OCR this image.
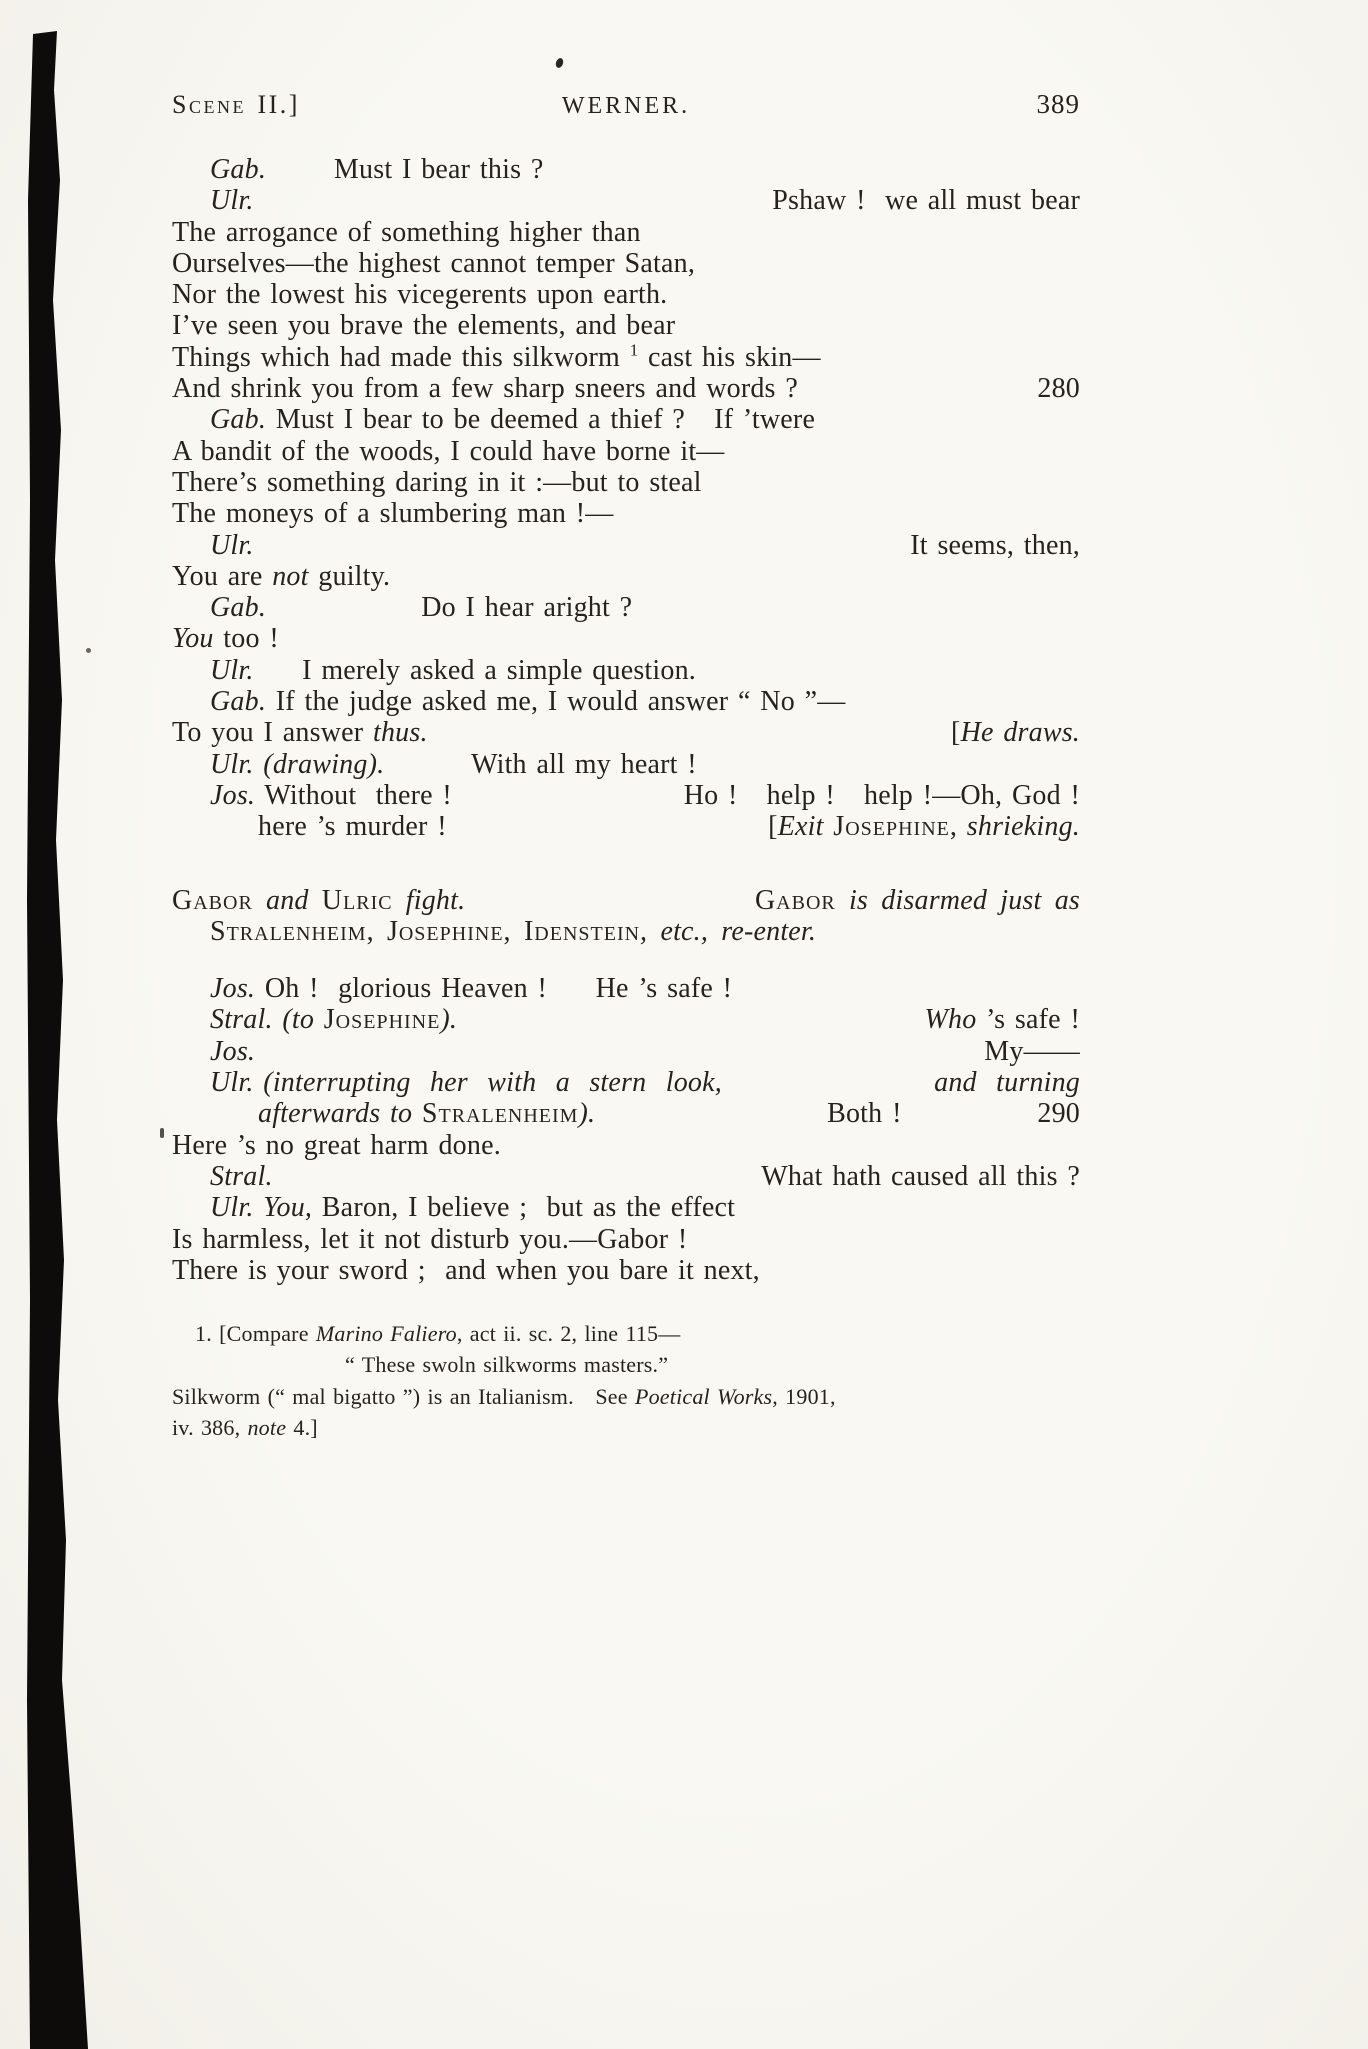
Scene II.]	WERNER.	389
Gab.       Must I bear this ?
Ulr.	Pshaw !  we all must bear
The arrogance of something higher than
Ourselves—the highest cannot temper Satan,
Nor the lowest his vicegerents upon earth.
I’ve seen you brave the elements, and bear
Things which had made this silkworm $^1$ cast his skin—
And shrink you from a few sharp sneers and words ?	280
Gab. Must I bear to be deemed a thief ?   If ’twere
A bandit of the woods, I could have borne it—
There’s something daring in it :—but to steal
The moneys of a slumbering man !—
Ulr.	It seems, then,
You are not guilty.
Gab.                Do I hear aright ?
You too !
Ulr.     I merely asked a simple question.
Gab. If the judge asked me, I would answer “ No ”—
To you I answer thus.	[He draws.
Ulr. (drawing).         With all my heart !
Jos. Without  there !	Ho !   help !   help !—Oh, God !
here ’s murder !	[Exit Josephine, shrieking.
Gabor and Ulric fight.	Gabor is disarmed just as
Stralenheim, Josephine, Idenstein, etc., re-enter.
Jos. Oh !  glorious Heaven !     He ’s safe !
Stral. (to Josephine).	Who ’s safe !
Jos.	My——
Ulr. (interrupting  her  with  a  stern  look,	and  turning
afterwards to Stralenheim).	Both !              290
Here ’s no great harm done.
Stral.	What hath caused all this ?
Ulr. You, Baron, I believe ;  but as the effect
Is harmless, let it not disturb you.—Gabor !
There is your sword ;  and when you bare it next,
1. [Compare Marino Faliero, act ii. sc. 2, line 115—
“ These swoln silkworms masters.”
Silkworm (“ mal bigatto ”) is an Italianism.   See Poetical Works, 1901,
iv. 386, note 4.]
